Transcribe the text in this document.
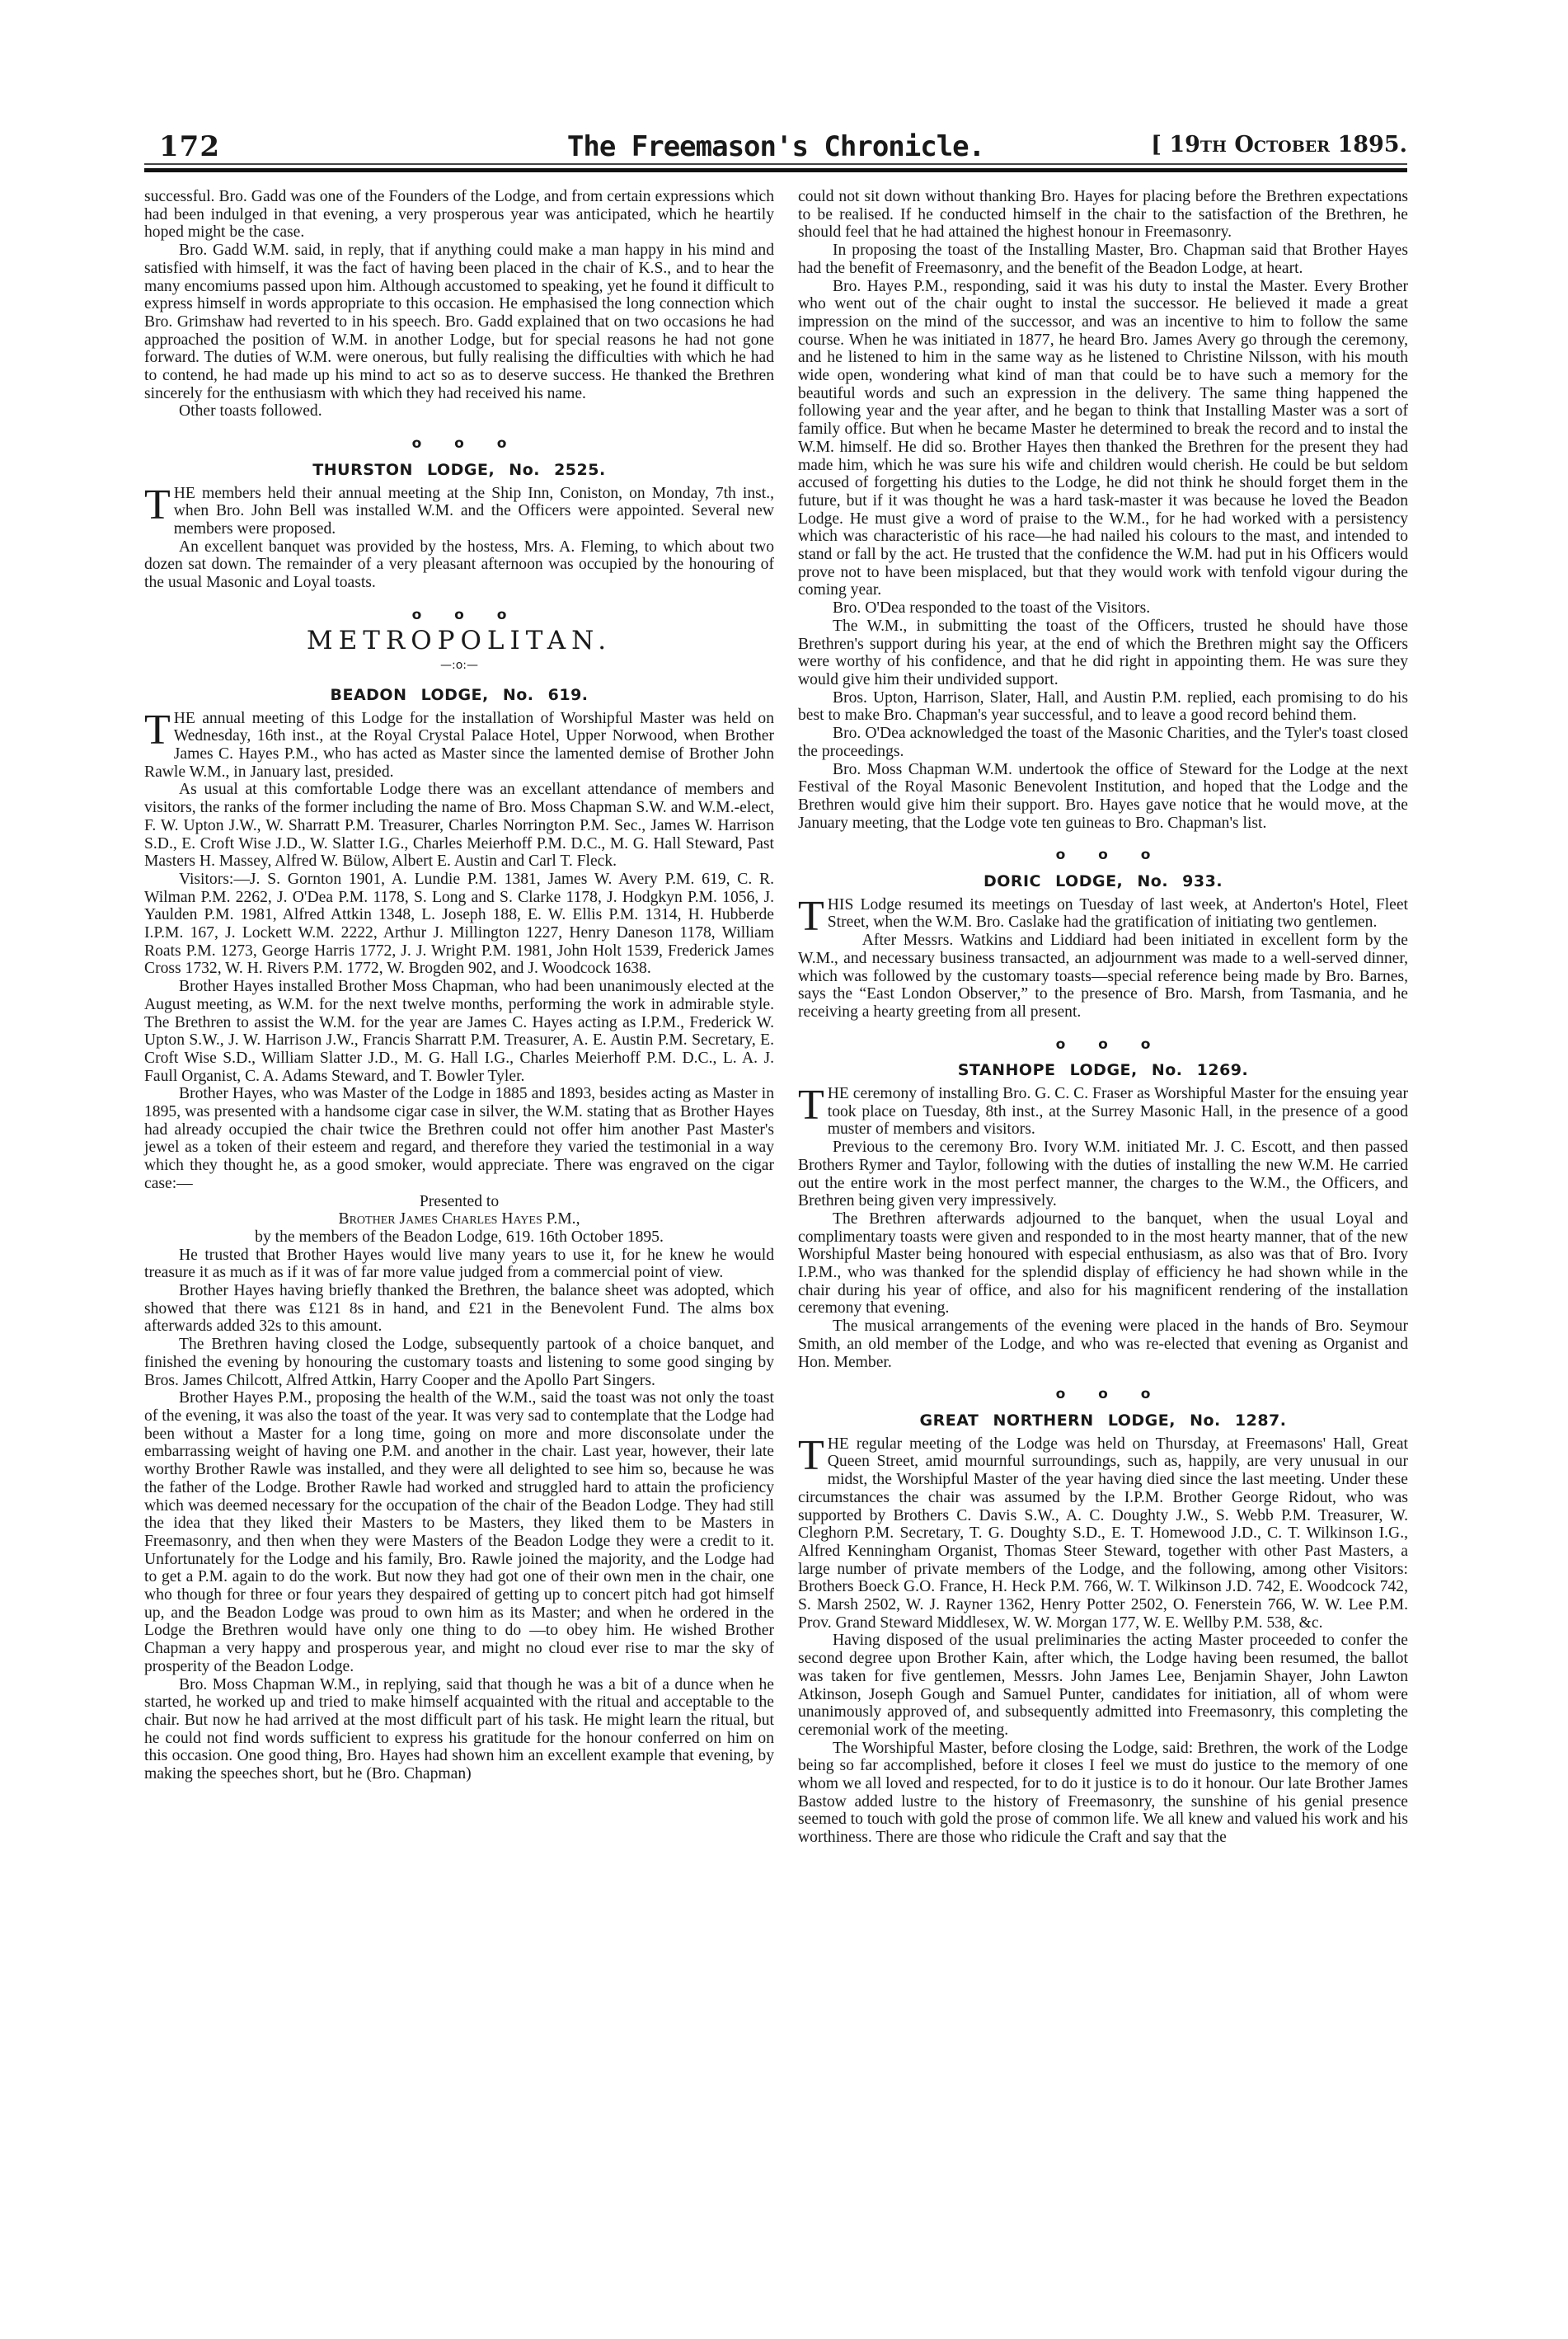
172	The Freemason's Chronicle.	[ 19th October 1895.

successful. Bro. Gadd was one of the Founders of the Lodge, and from certain expressions which had been indulged in that evening, a very prosperous year was anticipated, which he heartily hoped might be the case.

Bro. Gadd W.M. said, in reply, that if anything could make a man happy in his mind and satisfied with himself, it was the fact of having been placed in the chair of K.S., and to hear the many encomiums passed upon him. Although accustomed to speaking, yet he found it difficult to express himself in words appropriate to this occasion. He emphasised the long connection which Bro. Grimshaw had reverted to in his speech. Bro. Gadd explained that on two occasions he had approached the position of W.M. in another Lodge, but for special reasons he had not gone forward. The duties of W.M. were onerous, but fully realising the difficulties with which he had to contend, he had made up his mind to act so as to deserve success. He thanked the Brethren sincerely for the enthusiasm with which they had received his name.

Other toasts followed.

o o o
THURSTON LODGE, No. 2525.

THE members held their annual meeting at the Ship Inn, Coniston, on Monday, 7th inst., when Bro. John Bell was installed W.M. and the Officers were appointed. Several new members were proposed.

An excellent banquet was provided by the hostess, Mrs. A. Fleming, to which about two dozen sat down. The remainder of a very pleasant afternoon was occupied by the honouring of the usual Masonic and Loyal toasts.

o o o
METROPOLITAN.
—:o:—
BEADON LODGE, No. 619.

THE annual meeting of this Lodge for the installation of Worshipful Master was held on Wednesday, 16th inst., at the Royal Crystal Palace Hotel, Upper Norwood, when Brother James C. Hayes P.M., who has acted as Master since the lamented demise of Brother John Rawle W.M., in January last, presided.

As usual at this comfortable Lodge there was an excellant attendance of members and visitors, the ranks of the former including the name of Bro. Moss Chapman S.W. and W.M.-elect, F. W. Upton J.W., W. Sharratt P.M. Treasurer, Charles Norrington P.M. Sec., James W. Harrison S.D., E. Croft Wise J.D., W. Slatter I.G., Charles Meierhoff P.M. D.C., M. G. Hall Steward, Past Masters H. Massey, Alfred W. Bülow, Albert E. Austin and Carl T. Fleck.

Visitors:—J. S. Gornton 1901, A. Lundie P.M. 1381, James W. Avery P.M. 619, C. R. Wilman P.M. 2262, J. O'Dea P.M. 1178, S. Long and S. Clarke 1178, J. Hodgkyn P.M. 1056, J. Yaulden P.M. 1981, Alfred Attkin 1348, L. Joseph 188, E. W. Ellis P.M. 1314, H. Hubberde I.P.M. 167, J. Lockett W.M. 2222, Arthur J. Millington 1227, Henry Daneson 1178, William Roats P.M. 1273, George Harris 1772, J. J. Wright P.M. 1981, John Holt 1539, Frederick James Cross 1732, W. H. Rivers P.M. 1772, W. Brogden 902, and J. Woodcock 1638.

Brother Hayes installed Brother Moss Chapman, who had been unanimously elected at the August meeting, as W.M. for the next twelve months, performing the work in admirable style. The Brethren to assist the W.M. for the year are James C. Hayes acting as I.P.M., Frederick W. Upton S.W., J. W. Harrison J.W., Francis Sharratt P.M. Treasurer, A. E. Austin P.M. Secretary, E. Croft Wise S.D., William Slatter J.D., M. G. Hall I.G., Charles Meierhoff P.M. D.C., L. A. J. Faull Organist, C. A. Adams Steward, and T. Bowler Tyler.

Brother Hayes, who was Master of the Lodge in 1885 and 1893, besides acting as Master in 1895, was presented with a handsome cigar case in silver, the W.M. stating that as Brother Hayes had already occupied the chair twice the Brethren could not offer him another Past Master's jewel as a token of their esteem and regard, and therefore they varied the testimonial in a way which they thought he, as a good smoker, would appreciate. There was engraved on the cigar case:—

Presented to

Brother James Charles Hayes P.M.,

by the members of the Beadon Lodge, 619. 16th October 1895.

He trusted that Brother Hayes would live many years to use it, for he knew he would treasure it as much as if it was of far more value judged from a commercial point of view.

Brother Hayes having briefly thanked the Brethren, the balance sheet was adopted, which showed that there was £121 8s in hand, and £21 in the Benevolent Fund. The alms box afterwards added 32s to this amount.

The Brethren having closed the Lodge, subsequently partook of a choice banquet, and finished the evening by honouring the customary toasts and listening to some good singing by Bros. James Chilcott, Alfred Attkin, Harry Cooper and the Apollo Part Singers.

Brother Hayes P.M., proposing the health of the W.M., said the toast was not only the toast of the evening, it was also the toast of the year. It was very sad to contemplate that the Lodge had been without a Master for a long time, going on more and more disconsolate under the embarrassing weight of having one P.M. and another in the chair. Last year, however, their late worthy Brother Rawle was installed, and they were all delighted to see him so, because he was the father of the Lodge. Brother Rawle had worked and struggled hard to attain the proficiency which was deemed necessary for the occupation of the chair of the Beadon Lodge. They had still the idea that they liked their Masters to be Masters, they liked them to be Masters in Freemasonry, and then when they were Masters of the Beadon Lodge they were a credit to it. Unfortunately for the Lodge and his family, Bro. Rawle joined the majority, and the Lodge had to get a P.M. again to do the work. But now they had got one of their own men in the chair, one who though for three or four years they despaired of getting up to concert pitch had got himself up, and the Beadon Lodge was proud to own him as its Master; and when he ordered in the Lodge the Brethren would have only one thing to do —to obey him. He wished Brother Chapman a very happy and prosperous year, and might no cloud ever rise to mar the sky of prosperity of the Beadon Lodge.

Bro. Moss Chapman W.M., in replying, said that though he was a bit of a dunce when he started, he worked up and tried to make himself acquainted with the ritual and acceptable to the chair. But now he had arrived at the most difficult part of his task. He might learn the ritual, but he could not find words sufficient to express his gratitude for the honour conferred on him on this occasion. One good thing, Bro. Hayes had shown him an excellent example that evening, by making the speeches short, but he (Bro. Chapman)

could not sit down without thanking Bro. Hayes for placing before the Brethren expectations to be realised. If he conducted himself in the chair to the satisfaction of the Brethren, he should feel that he had attained the highest honour in Freemasonry.

In proposing the toast of the Installing Master, Bro. Chapman said that Brother Hayes had the benefit of Freemasonry, and the benefit of the Beadon Lodge, at heart.

Bro. Hayes P.M., responding, said it was his duty to instal the Master. Every Brother who went out of the chair ought to instal the successor. He believed it made a great impression on the mind of the successor, and was an incentive to him to follow the same course. When he was initiated in 1877, he heard Bro. James Avery go through the ceremony, and he listened to him in the same way as he listened to Christine Nilsson, with his mouth wide open, wondering what kind of man that could be to have such a memory for the beautiful words and such an expression in the delivery. The same thing happened the following year and the year after, and he began to think that Installing Master was a sort of family office. But when he became Master he determined to break the record and to instal the W.M. himself. He did so. Brother Hayes then thanked the Brethren for the present they had made him, which he was sure his wife and children would cherish. He could be but seldom accused of forgetting his duties to the Lodge, he did not think he should forget them in the future, but if it was thought he was a hard task-master it was because he loved the Beadon Lodge. He must give a word of praise to the W.M., for he had worked with a persistency which was characteristic of his race—he had nailed his colours to the mast, and intended to stand or fall by the act. He trusted that the confidence the W.M. had put in his Officers would prove not to have been misplaced, but that they would work with tenfold vigour during the coming year.

Bro. O'Dea responded to the toast of the Visitors.

The W.M., in submitting the toast of the Officers, trusted he should have those Brethren's support during his year, at the end of which the Brethren might say the Officers were worthy of his confidence, and that he did right in appointing them. He was sure they would give him their undivided support.

Bros. Upton, Harrison, Slater, Hall, and Austin P.M. replied, each promising to do his best to make Bro. Chapman's year successful, and to leave a good record behind them.

Bro. O'Dea acknowledged the toast of the Masonic Charities, and the Tyler's toast closed the proceedings.

Bro. Moss Chapman W.M. undertook the office of Steward for the Lodge at the next Festival of the Royal Masonic Benevolent Institution, and hoped that the Lodge and the Brethren would give him their support. Bro. Hayes gave notice that he would move, at the January meeting, that the Lodge vote ten guineas to Bro. Chapman's list.

o o o
DORIC LODGE, No. 933.

THIS Lodge resumed its meetings on Tuesday of last week, at Anderton's Hotel, Fleet Street, when the W.M. Bro. Caslake had the gratification of initiating two gentlemen.

After Messrs. Watkins and Liddiard had been initiated in excellent form by the W.M., and necessary business transacted, an adjournment was made to a well-served dinner, which was followed by the customary toasts—special reference being made by Bro. Barnes, says the “East London Observer,” to the presence of Bro. Marsh, from Tasmania, and he receiving a hearty greeting from all present.

o o o
STANHOPE LODGE, No. 1269.

THE ceremony of installing Bro. G. C. C. Fraser as Worshipful Master for the ensuing year took place on Tuesday, 8th inst., at the Surrey Masonic Hall, in the presence of a good muster of members and visitors.

Previous to the ceremony Bro. Ivory W.M. initiated Mr. J. C. Escott, and then passed Brothers Rymer and Taylor, following with the duties of installing the new W.M. He carried out the entire work in the most perfect manner, the charges to the W.M., the Officers, and Brethren being given very impressively.

The Brethren afterwards adjourned to the banquet, when the usual Loyal and complimentary toasts were given and responded to in the most hearty manner, that of the new Worshipful Master being honoured with especial enthusiasm, as also was that of Bro. Ivory I.P.M., who was thanked for the splendid display of efficiency he had shown while in the chair during his year of office, and also for his magnificent rendering of the installation ceremony that evening.

The musical arrangements of the evening were placed in the hands of Bro. Seymour Smith, an old member of the Lodge, and who was re-elected that evening as Organist and Hon. Member.

o o o
GREAT NORTHERN LODGE, No. 1287.

THE regular meeting of the Lodge was held on Thursday, at Freemasons' Hall, Great Queen Street, amid mournful surroundings, such as, happily, are very unusual in our midst, the Worshipful Master of the year having died since the last meeting. Under these circumstances the chair was assumed by the I.P.M. Brother George Ridout, who was supported by Brothers C. Davis S.W., A. C. Doughty J.W., S. Webb P.M. Treasurer, W. Cleghorn P.M. Secretary, T. G. Doughty S.D., E. T. Homewood J.D., C. T. Wilkinson I.G., Alfred Kenningham Organist, Thomas Steer Steward, together with other Past Masters, a large number of private members of the Lodge, and the following, among other Visitors: Brothers Boeck G.O. France, H. Heck P.M. 766, W. T. Wilkinson J.D. 742, E. Woodcock 742, S. Marsh 2502, W. J. Rayner 1362, Henry Potter 2502, O. Fenerstein 766, W. W. Lee P.M. Prov. Grand Steward Middlesex, W. W. Morgan 177, W. E. Wellby P.M. 538, &c.

Having disposed of the usual preliminaries the acting Master proceeded to confer the second degree upon Brother Kain, after which, the Lodge having been resumed, the ballot was taken for five gentlemen, Messrs. John James Lee, Benjamin Shayer, John Lawton Atkinson, Joseph Gough and Samuel Punter, candidates for initiation, all of whom were unanimously approved of, and subsequently admitted into Freemasonry, this completing the ceremonial work of the meeting.

The Worshipful Master, before closing the Lodge, said: Brethren, the work of the Lodge being so far accomplished, before it closes I feel we must do justice to the memory of one whom we all loved and respected, for to do it justice is to do it honour. Our late Brother James Bastow added lustre to the history of Freemasonry, the sunshine of his genial presence seemed to touch with gold the prose of common life. We all knew and valued his work and his worthiness. There are those who ridicule the Craft and say that the
